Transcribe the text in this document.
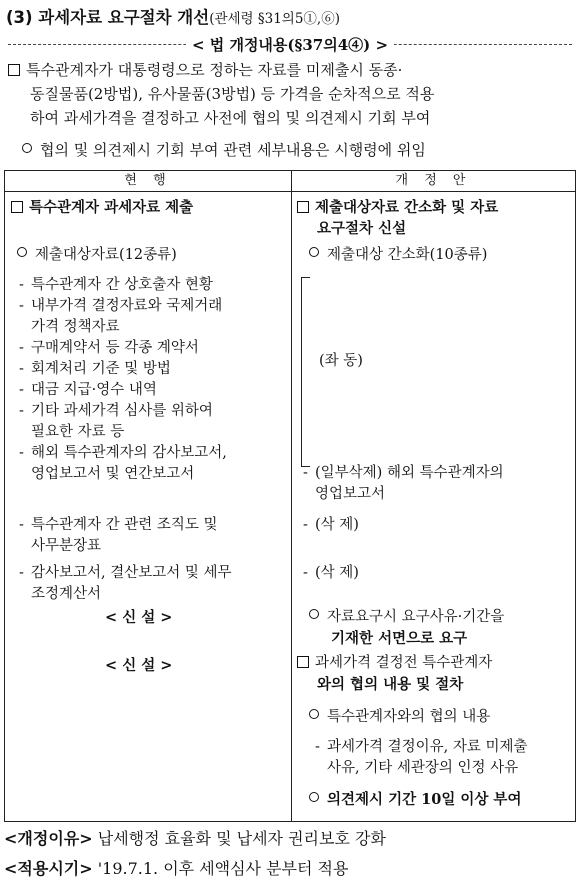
(3) 과세자료 요구절차 개선(관세령 §31의5①,⑥)
< 법 개정내용(§37의4④) >
특수관계자가 대통령령으로 정하는 자료를 미제출시 동종·
동질물품(2방법), 유사물품(3방법) 등 가격을 순차적으로 적용
하여 과세가격을 결정하고 사전에 협의 및 의견제시 기회 부여
협의 및 의견제시 기회 부여 관련 세부내용은 시행령에 위임
현 행	개 정 안
특수관계자 과세자료 제출
제출대상자료(12종류)
- 특수관계자 간 상호출자 현황
- 내부가격 결정자료와 국제거래
가격 정책자료
- 구매계약서 등 각종 계약서
- 회계처리 기준 및 방법
- 대금 지급·영수 내역
- 기타 과세가격 심사를 위하여
필요한 자료 등
- 해외 특수관계자의 감사보고서,
영업보고서 및 연간보고서
- 특수관계자 간 관련 조직도 및
사무분장표
- 감사보고서, 결산보고서 및 세무
조정계산서
< 신 설 >
< 신 설 >
제출대상자료 간소화 및 자료
요구절차 신설
제출대상 간소화(10종류)
(좌 동)
- (일부삭제) 해외 특수관계자의
영업보고서
- (삭 제)
- (삭 제)
자료요구시 요구사유·기간을
기재한 서면으로 요구
과세가격 결정전 특수관계자
와의 협의 내용 및 절차
특수관계자와의 협의 내용
- 과세가격 결정이유, 자료 미제출
사유, 기타 세관장의 인정 사유
의견제시 기간 10일 이상 부여
<개정이유> 납세행정 효율화 및 납세자 권리보호 강화
<적용시기> '19.7.1. 이후 세액심사 분부터 적용
